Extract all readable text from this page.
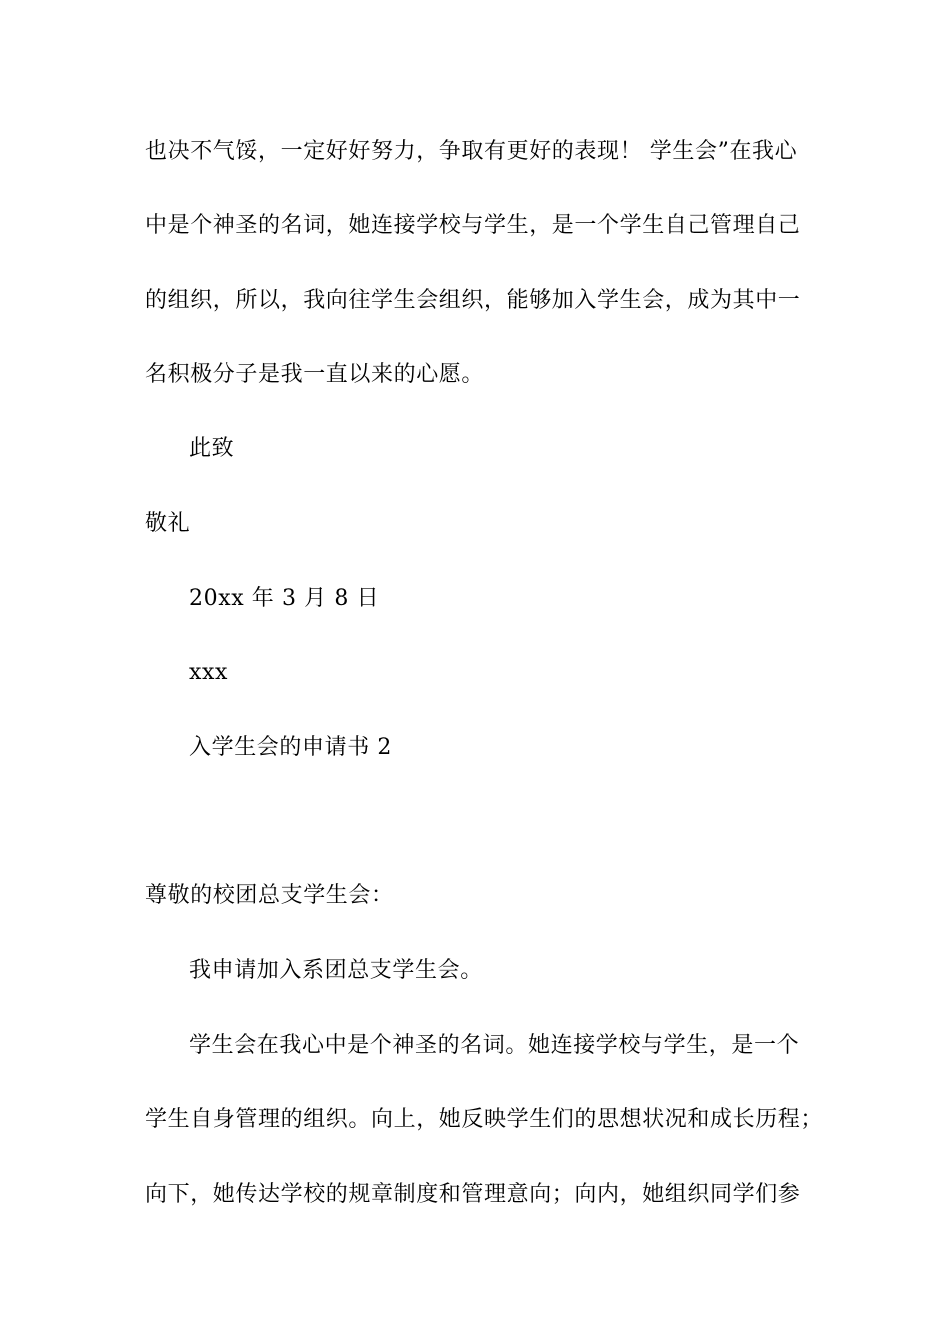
也决不气馁，一定好好努力，争取有更好的表现！ 学生会”在我心
中是个神圣的名词，她连接学校与学生，是一个学生自己管理自己
的组织，所以，我向往学生会组织，能够加入学生会，成为其中一
名积极分子是我一直以来的心愿。
此致
敬礼
20xx 年 3 月 8 日
xxx
入学生会的申请书 2
尊敬的校团总支学生会：
我申请加入系团总支学生会。
学生会在我心中是个神圣的名词。她连接学校与学生，是一个
学生自身管理的组织。向上，她反映学生们的思想状况和成长历程；
向下，她传达学校的规章制度和管理意向；向内，她组织同学们参
